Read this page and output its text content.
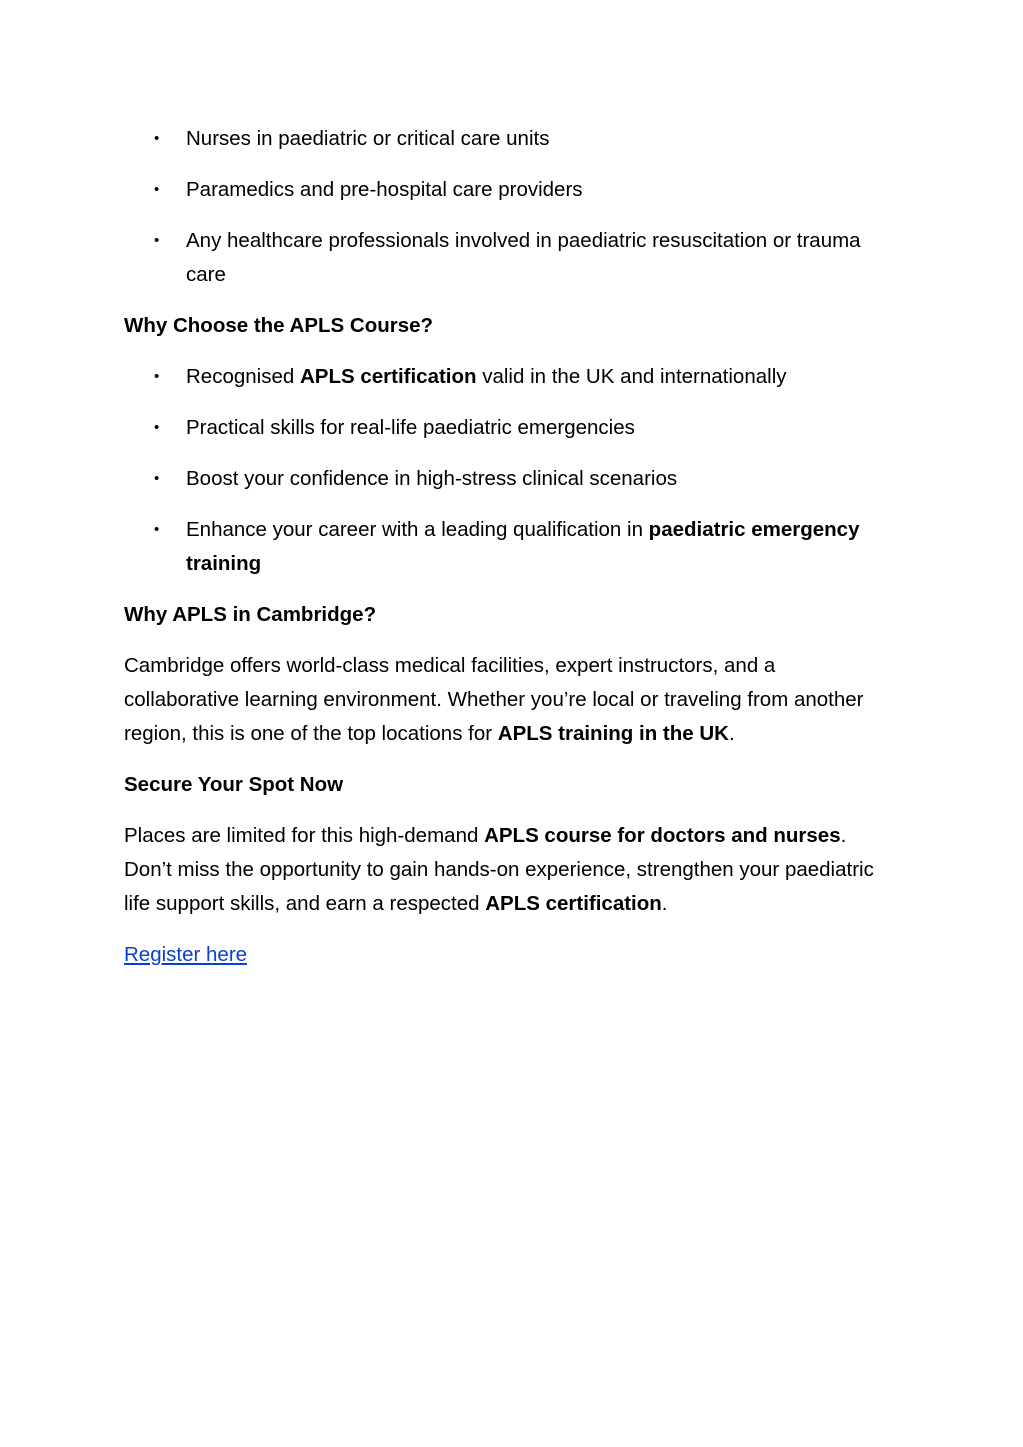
•	Nurses in paediatric or critical care units
•	Paramedics and pre-hospital care providers
•	Any healthcare professionals involved in paediatric resuscitation or trauma care
Why Choose the APLS Course?
•	Recognised APLS certification valid in the UK and internationally
•	Practical skills for real-life paediatric emergencies
•	Boost your confidence in high-stress clinical scenarios
•	Enhance your career with a leading qualification in paediatric emergency training
Why APLS in Cambridge?

Cambridge offers world-class medical facilities, expert instructors, and a collaborative learning environment. Whether you’re local or traveling from another region, this is one of the top locations for APLS training in the UK.

Secure Your Spot Now

Places are limited for this high-demand APLS course for doctors and nurses. Don’t miss the opportunity to gain hands-on experience, strengthen your paediatric life support skills, and earn a respected APLS certification.

Register here
